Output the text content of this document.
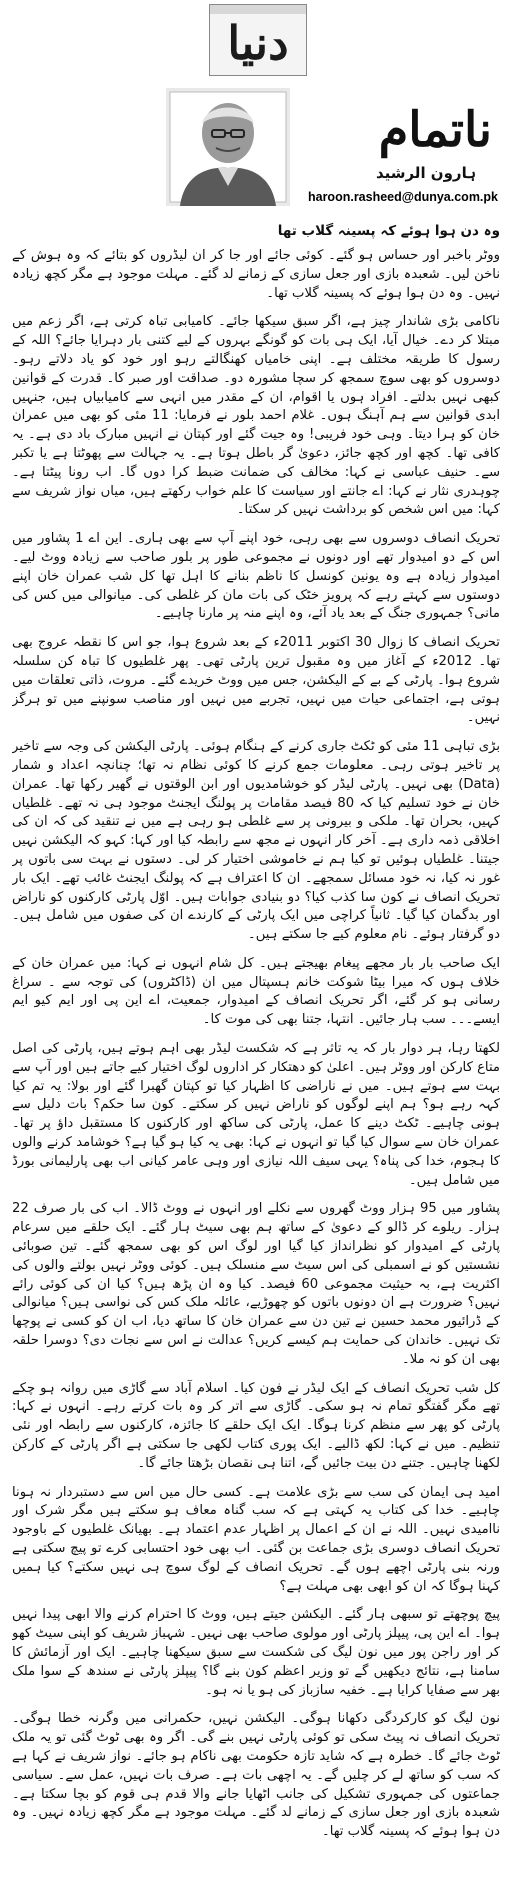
دنیا
ناتمام
ہارون الرشید
haroon.rasheed@dunya.com.pk

وہ دن ہوا ہوئے کہ پسینہ گلاب تھا

ووٹر باخبر اور حساس ہو گئے۔ کوئی جائے اور جا کر ان لیڈروں کو بتائے کہ وہ ہوش کے ناخن لیں۔ شعبدہ بازی اور جعل سازی کے زمانے لد گئے۔ مہلت موجود ہے مگر کچھ زیادہ نہیں۔ وہ دن ہوا ہوئے کہ پسینہ گلاب تھا۔

ناکامی بڑی شاندار چیز ہے، اگر سبق سیکھا جائے۔ کامیابی تباہ کرتی ہے، اگر زعم میں مبتلا کر دے۔ خیال آیا، ایک ہی بات کو گونگے بہروں کے لیے کتنی بار دہرایا جائے؟ اللہ کے رسول کا طریقہ مختلف ہے۔ اپنی خامیاں کھنگالتے رہو اور خود کو یاد دلاتے رہو۔ دوسروں کو بھی سوچ سمجھ کر سچا مشورہ دو۔ صداقت اور صبر کا۔ قدرت کے قوانین کبھی نہیں بدلتے۔ افراد ہوں یا اقوام، ان کے مقدر میں انہی سے کامیابیاں ہیں، جنہیں ابدی قوانین سے ہم آہنگ ہوں۔ غلام احمد بلور نے فرمایا: 11 مئی کو بھی میں عمران خان کو ہرا دیتا۔ وہی خود فریبی! وہ جیت گئے اور کپتان نے انہیں مبارک باد دی ہے۔ یہ کافی تھا۔ کچھ اور کچھ جائز، دعویٰ گر باطل ہوتا ہے۔ یہ جہالت سے پھوٹتا ہے یا تکبر سے۔ حنیف عباسی نے کہا: مخالف کی ضمانت ضبط کرا دوں گا۔ اب رونا پیٹتا ہے۔ چوہدری نثار نے کہا: اے جانتے اور سیاست کا علم خواب رکھتے ہیں، میاں نواز شریف سے کہا: میں اس شخص کو برداشت نہیں کر سکتا۔

تحریک انصاف دوسروں سے بھی رہی، خود اپنے آپ سے بھی ہاری۔ این اے 1 پشاور میں اس کے دو امیدوار تھے اور دونوں نے مجموعی طور پر بلور صاحب سے زیادہ ووٹ لیے۔ امیدوار زیادہ ہے وہ یونین کونسل کا ناظم بنانے کا اہل تھا کل شب عمران خان اپنے دوستوں سے کہتے رہے کہ پرویز خٹک کی بات مان کر غلطی کی۔ میانوالی میں کس کی مانی؟ جمہوری جنگ کے بعد یاد آئے، وہ اپنے منہ پر مارنا چاہیے۔

تحریک انصاف کا زوال 30 اکتوبر 2011ء کے بعد شروع ہوا، جو اس کا نقطہ عروج بھی تھا۔ 2012ء کے آغاز میں وہ مقبول ترین پارٹی تھی۔ پھر غلطیوں کا تباہ کن سلسلہ شروع ہوا۔ پارٹی کے بے کے الیکشن، جس میں ووٹ خریدے گئے۔ مروت، ذاتی تعلقات میں ہوتی ہے، اجتماعی حیات میں نہیں، تجربے میں نہیں اور مناصب سونپنے میں تو ہرگز نہیں۔

بڑی تباہی 11 مئی کو ٹکٹ جاری کرنے کے ہنگام ہوئی۔ پارٹی الیکشن کی وجہ سے تاخیر پر تاخیر ہوتی رہی۔ معلومات جمع کرنے کا کوئی نظام نہ تھا؛ چنانچہ اعداد و شمار (Data) بھی نہیں۔ پارٹی لیڈر کو خوشامدیوں اور ابن الوقتوں نے گھیر رکھا تھا۔ عمران خان نے خود تسلیم کیا کہ 80 فیصد مقامات پر پولنگ ایجنٹ موجود ہی نہ تھے۔ غلطیاں کہیں، بحران تھا۔ ملکی و بیرونی پر سے غلطی ہو رہی ہے میں نے تنقید کی کہ ان کی اخلاقی ذمہ داری ہے۔ آخر کار انہوں نے مجھ سے رابطہ کیا اور کہا: کہو کہ الیکشن نہیں جیتنا۔ غلطیاں ہوئیں تو کیا ہم نے خاموشی اختیار کر لی۔ دستوں نے بہت سی باتوں پر غور نہ کیا، نہ خود مسائل سمجھے۔ ان کا اعتراف ہے کہ پولنگ ایجنٹ غائب تھے۔ ایک بار تحریک انصاف نے کون سا کذب کیا؟ دو بنیادی جوابات ہیں۔ اوّل پارٹی کارکنوں کو ناراض اور بدگمان کیا گیا۔ ثانیاً کراچی میں ایک پارٹی کے کارندے ان کی صفوں میں شامل ہیں۔ دو گرفتار ہوئے۔ نام معلوم کیے جا سکتے ہیں۔

ایک صاحب بار بار مجھے پیغام بھیجتے ہیں۔ کل شام انہوں نے کہا: میں عمران خان کے خلاف ہوں کہ میرا بیٹا شوکت خانم ہسپتال میں ان (ڈاکٹروں) کی توجہ سے ۔ سراغ رسانی ہو کر گئے، اگر تحریک انصاف کے امیدوار، جمعیت، اے این پی اور ایم کیو ایم ایسے۔۔۔ سب ہار جائیں۔ انتہا، جتنا بھی کی موت کا۔

لکھتا رہا، ہر دوار بار کہ یہ تاثر ہے کہ شکست لیڈر بھی اہم ہوتے ہیں، پارٹی کی اصل متاع کارکن اور ووٹر ہیں۔ اعلیٰ کو دھتکار کر اداروں لوگ اختیار کیے جاتے ہیں اور آپ سے بہت سے ہوتے ہیں۔ میں نے ناراضی کا اظہار کیا تو کپتان گھبرا گئے اور بولا: یہ تم کیا کہہ رہے ہو؟ ہم اپنے لوگوں کو ناراض نہیں کر سکتے۔ کون سا حکم؟ بات دلیل سے ہونی چاہیے۔ ٹکٹ دینے کا عمل، پارٹی کی ساکھ اور کارکنوں کا مستقبل داؤ پر تھا۔ عمران خان سے سوال کیا گیا تو انہوں نے کہا: بھی یہ کیا ہو گیا ہے؟ خوشامد کرنے والوں کا ہجوم، خدا کی پناہ؟ یہی سیف اللہ نیازی اور وہی عامر کیانی اب بھی پارلیمانی بورڈ میں شامل ہیں۔

پشاور میں 95 ہزار ووٹ گھروں سے نکلے اور انہوں نے ووٹ ڈالا۔ اب کی بار صرف 22 ہزار۔ ریلوے کر ڈالو کے دعویٰ کے ساتھ ہم بھی سیٹ ہار گئے۔ ایک حلقے میں سرعام پارٹی کے امیدوار کو نظرانداز کیا گیا اور لوگ اس کو بھی سمجھ گئے۔ تین صوبائی نشستیں کو نے اسمبلی کی اس سیٹ سے منسلک ہیں۔ کوئی ووٹر نہیں بولتے والوں کی اکثریت ہے، بہ حیثیت مجموعی 60 فیصد۔ کیا وہ ان پڑھ ہیں؟ کیا ان کی کوئی رائے نہیں؟ ضرورت ہے ان دونوں باتوں کو چھوڑیے، عائلہ ملک کس کی نواسی ہیں؟ میانوالی کے ڈرائیور محمد حسین نے تین دن سے عمران خان کا ساتھ دیا، اب ان کو کسی نے پوچھا تک نہیں۔ خاندان کی حمایت ہم کیسے کریں؟ عدالت نے اس سے نجات دی؟ دوسرا حلقہ بھی ان کو نہ ملا۔

کل شب تحریک انصاف کے ایک لیڈر نے فون کیا۔ اسلام آباد سے گاڑی میں روانہ ہو چکے تھے مگر گفتگو تمام نہ ہو سکی۔ گاڑی سے اتر کر وہ بات کرتے رہے۔ انہوں نے کہا: پارٹی کو پھر سے منظم کرنا ہوگا۔ ایک ایک حلقے کا جائزہ، کارکنوں سے رابطہ اور نئی تنظیم۔ میں نے کہا: لکھ ڈالیے۔ ایک پوری کتاب لکھی جا سکتی ہے اگر پارٹی کے کارکن لکھنا چاہیں۔ جتنے دن بیت جائیں گے، اتنا ہی نقصان بڑھتا جائے گا۔

امید ہی ایمان کی سب سے بڑی علامت ہے۔ کسی حال میں اس سے دستبردار نہ ہونا چاہیے۔ خدا کی کتاب یہ کہتی ہے کہ سب گناہ معاف ہو سکتے ہیں مگر شرک اور ناامیدی نہیں۔ اللہ نے ان کے اعمال پر اظہار عدم اعتماد ہے۔ بھیانک غلطیوں کے باوجود تحریک انصاف دوسری بڑی جماعت بن گئی۔ اب بھی خود احتسابی کرے تو پیچ سکتی ہے ورنہ بنی پارٹی اچھے ہوں گے۔ تحریک انصاف کے لوگ سوچ ہی نہیں سکتے؟ کیا ہمیں کہنا ہوگا کہ ان کو ابھی بھی مہلت ہے؟

پیچ پوچھتے تو سبھی ہار گئے۔ الیکشن جیتے ہیں، ووٹ کا احترام کرنے والا ابھی پیدا نہیں ہوا۔ اے این پی، پیپلز پارٹی اور مولوی صاحب بھی نہیں۔ شہباز شریف کو اپنی سیٹ کھو کر اور راجن پور میں نون لیگ کی شکست سے سبق سیکھنا چاہیے۔ ایک اور آزمائش کا سامنا ہے، نتائج دیکھیں گے تو وزیر اعظم کون بنے گا؟ پیپلز پارٹی نے سندھ کے سوا ملک بھر سے صفایا کرایا ہے۔ خفیہ سازباز کی ہو یا نہ ہو۔

نون لیگ کو کارکردگی دکھانا ہوگی۔ الیکشن نہیں، حکمرانی میں وگرنہ خطا ہوگی۔ تحریک انصاف نہ پیٹ سکی تو کوئی پارٹی نہیں بنے گی۔ اگر وہ بھی ٹوٹ گئی تو یہ ملک ٹوٹ جائے گا۔ خطرہ ہے کہ شاید تازہ حکومت بھی ناکام ہو جائے۔ نواز شریف نے کہا ہے کہ سب کو ساتھ لے کر چلیں گے۔ یہ اچھی بات ہے۔ صرف بات نہیں، عمل سے۔ سیاسی جماعتوں کی جمہوری تشکیل کی جانب اٹھایا جانے والا قدم ہی قوم کو بچا سکتا ہے۔ شعبدہ بازی اور جعل سازی کے زمانے لد گئے۔ مہلت موجود ہے مگر کچھ زیادہ نہیں۔ وہ دن ہوا ہوئے کہ پسینہ گلاب تھا۔
